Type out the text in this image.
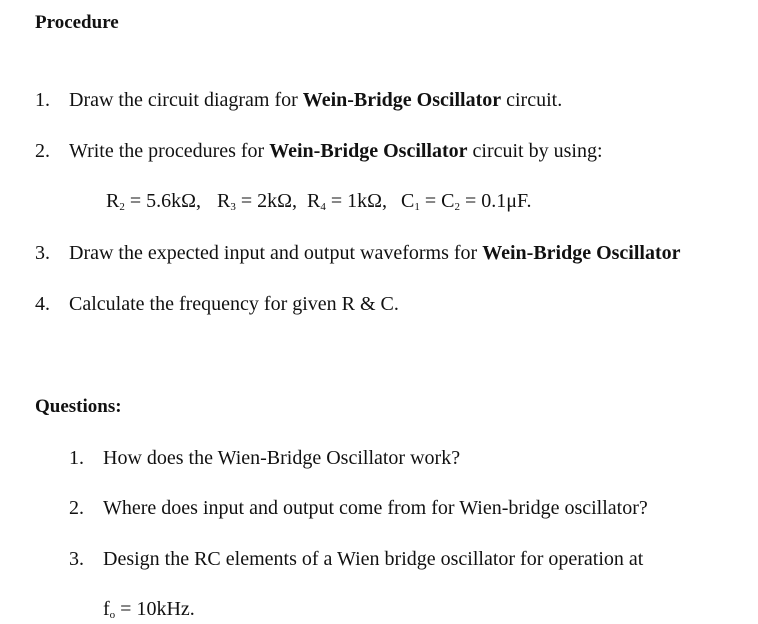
Procedure
1. Draw the circuit diagram for Wein-Bridge Oscillator circuit.
2. Write the procedures for Wein-Bridge Oscillator circuit by using:
$R_2 = 5.6k\Omega$, $R_3 = 2k\Omega$, $R_4 = 1k\Omega$, $C_1 = C_2 = 0.1\mu F$.
3. Draw the expected input and output waveforms for Wein-Bridge Oscillator
4. Calculate the frequency for given R & C.
Questions:
1. How does the Wien-Bridge Oscillator work?
2. Where does input and output come from for Wien-bridge oscillator?
3. Design the RC elements of a Wien bridge oscillator for operation at
$f_o = 10kHz$.
